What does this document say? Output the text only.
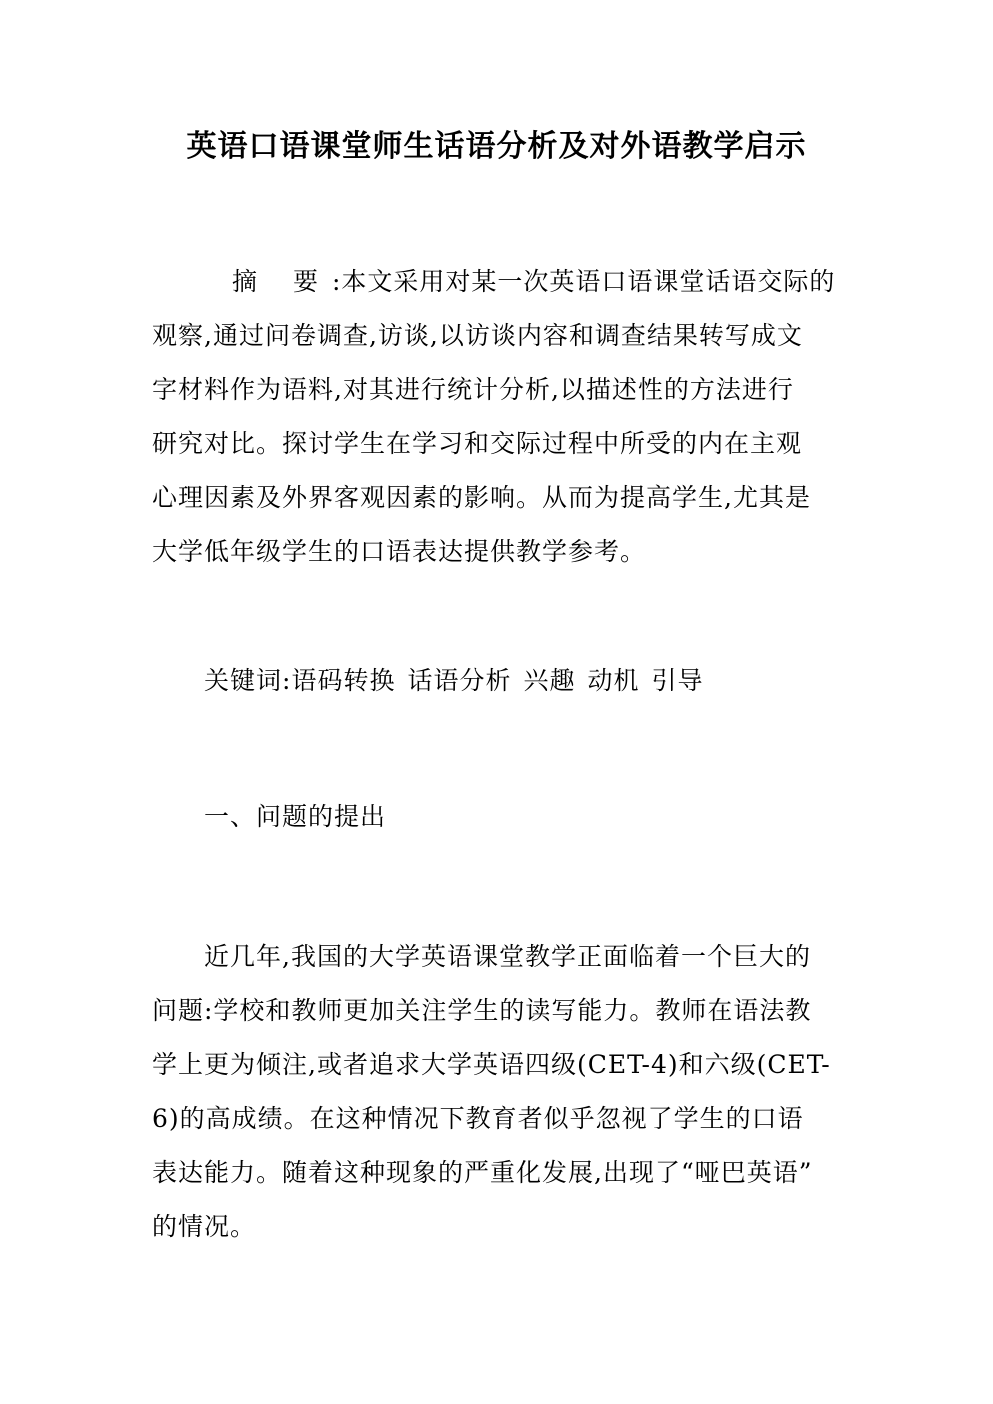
英语口语课堂师生话语分析及对外语教学启示
摘 要:本文采用对某一次英语口语课堂话语交际的
观察,通过问卷调查,访谈,以访谈内容和调查结果转写成文
字材料作为语料,对其进行统计分析,以描述性的方法进行
研究对比。探讨学生在学习和交际过程中所受的内在主观
心理因素及外界客观因素的影响。从而为提高学生,尤其是
大学低年级学生的口语表达提供教学参考。
关键词:语码转换 话语分析 兴趣 动机 引导
一、问题的提出
近几年,我国的大学英语课堂教学正面临着一个巨大的
问题:学校和教师更加关注学生的读写能力。教师在语法教
学上更为倾注,或者追求大学英语四级(CET-4)和六级(CET-
6)的高成绩。在这种情况下教育者似乎忽视了学生的口语
表达能力。随着这种现象的严重化发展,出现了“哑巴英语”
的情况。
